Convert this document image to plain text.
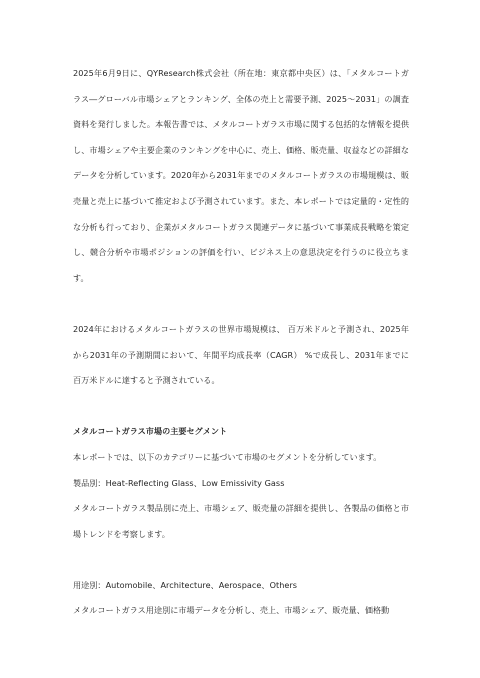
2025年6月9日に、QYResearch株式会社（所在地：東京都中央区）は、「メタルコートガラス―グローバル市場シェアとランキング、全体の売上と需要予測、2025～2031」の調査資料を発行しました。本報告書では、メタルコートガラス市場に関する包括的な情報を提供し、市場シェアや主要企業のランキングを中心に、売上、価格、販売量、収益などの詳細なデータを分析しています。2020年から2031年までのメタルコートガラスの市場規模は、販売量と売上に基づいて推定および予測されています。また、本レポートでは定量的・定性的な分析も行っており、企業がメタルコートガラス関連データに基づいて事業成長戦略を策定し、競合分析や市場ポジションの評価を行い、ビジネス上の意思決定を行うのに役立ちます。

2024年におけるメタルコートガラスの世界市場規模は、 百万米ドルと予測され、2025年から2031年の予測期間において、年間平均成長率（CAGR） %で成長し、2031年までに 百万米ドルに達すると予測されている。

メタルコートガラス市場の主要セグメント

本レポートでは、以下のカテゴリーに基づいて市場のセグメントを分析しています。

製品別：Heat-Reflecting Glass、Low Emissivity Gass

メタルコートガラス製品別に売上、市場シェア、販売量の詳細を提供し、各製品の価格と市場トレンドを考察します。

用途別：Automobile、Architecture、Aerospace、Others

メタルコートガラス用途別に市場データを分析し、売上、市場シェア、販売量、価格動
